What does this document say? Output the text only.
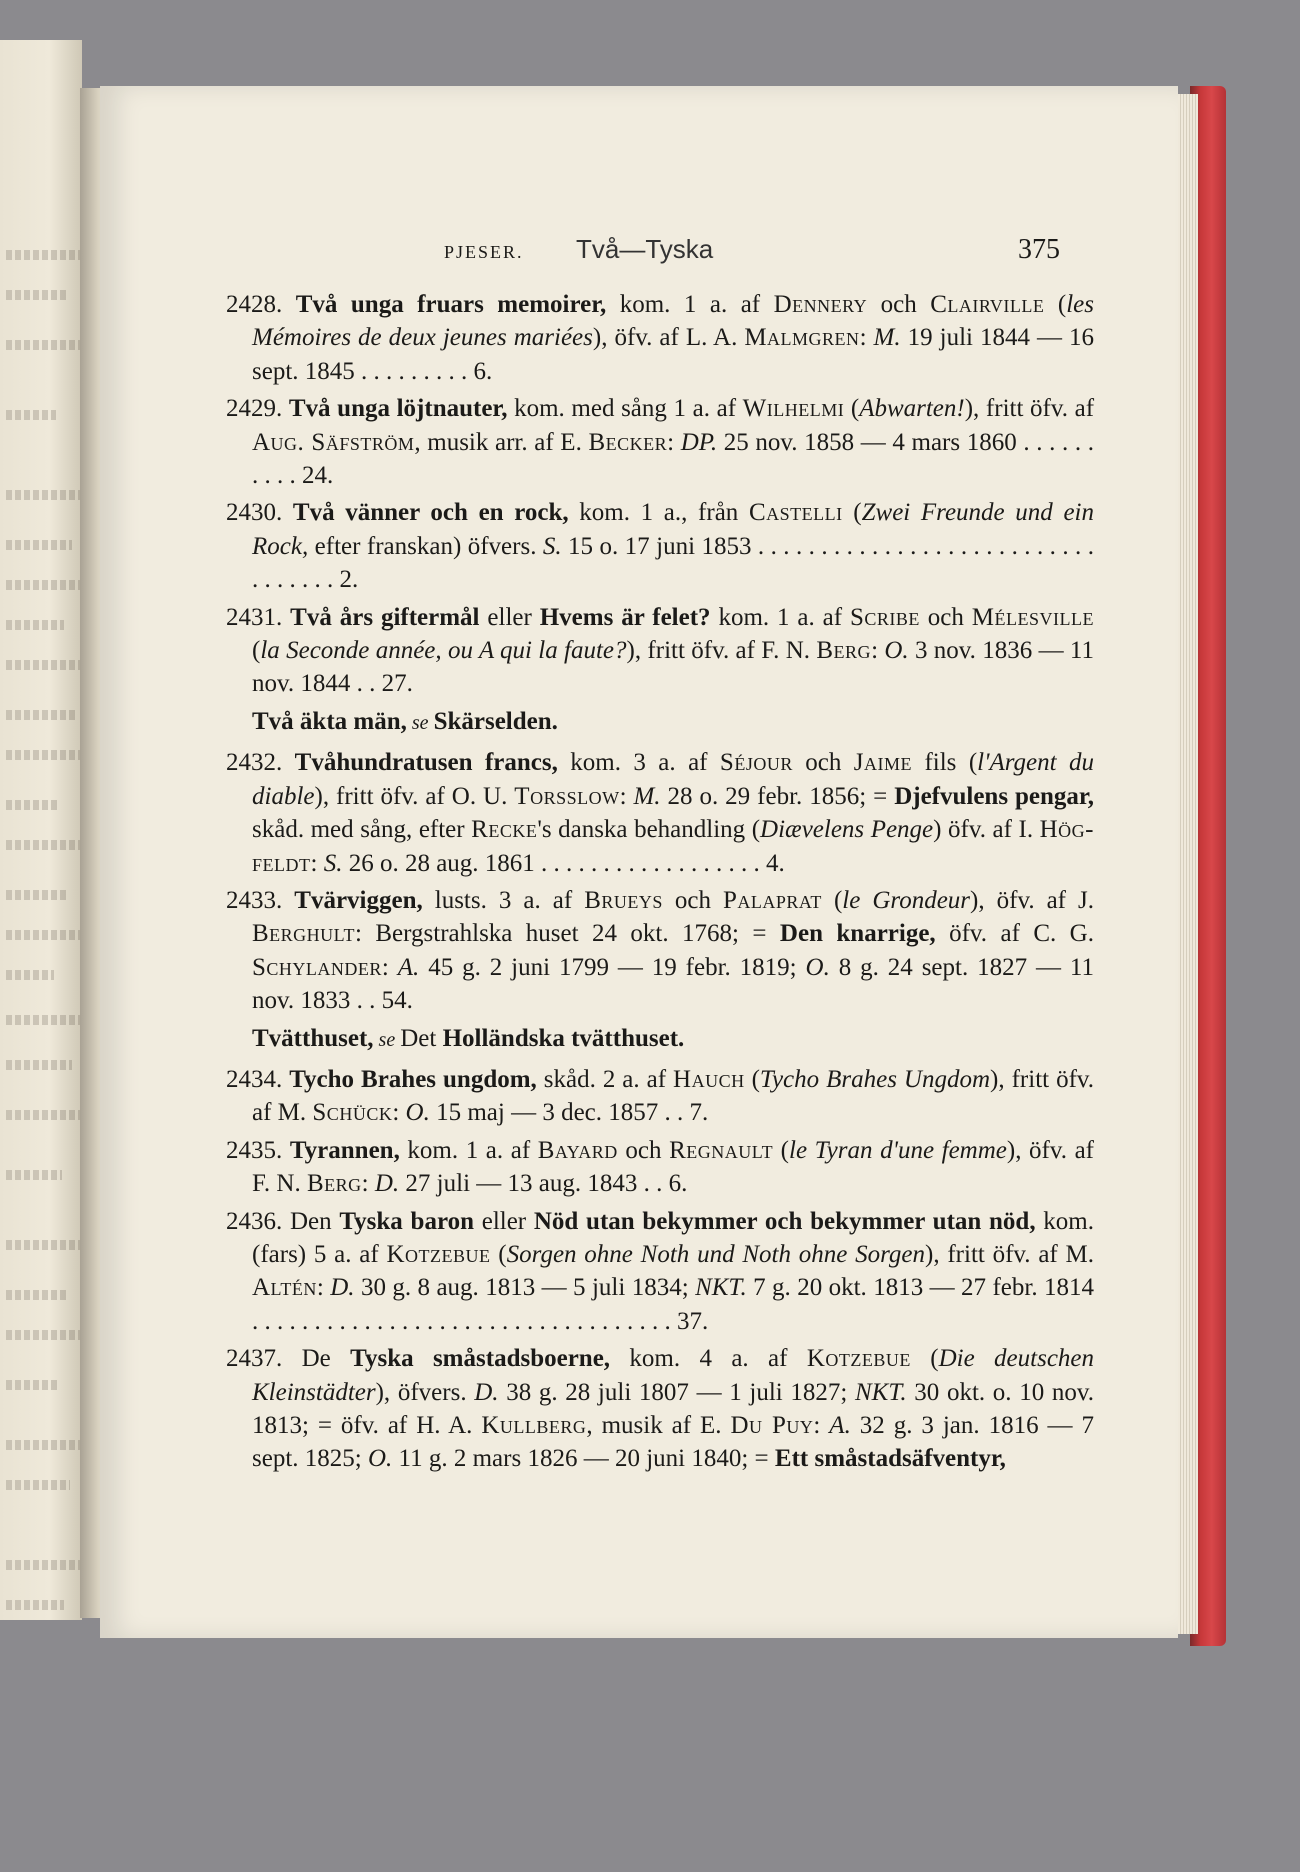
PJESER. Två—Tyska	375
2428. Två unga fruars memoirer, kom. 1 a. af Dennery och Clairville (les Mémoires de deux jeunes mariées), öfv. af L. A. Malmgren: M. 19 juli 1844 — 16 sept. 1845 . . . . . . . . . 6.
2429. Två unga löjtnauter, kom. med sång 1 a. af Wilhelmi (Abwarten!), fritt öfv. af Aug. Säfström, musik arr. af E. Becker: DP. 25 nov. 1858 — 4 mars 1860 . . . . . . . . . . 24.
2430. Två vänner och en rock, kom. 1 a., från Castelli (Zwei Freunde und ein Rock, efter franskan) öfvers. S. 15 o. 17 juni 1853 . . . . . . . . . . . . . . . . . . . . . . . . . . . . . . . . . . 2.
2431. Två års giftermål eller Hvems är felet? kom. 1 a. af Scribe och Mélesville (la Seconde année, ou A qui la faute?), fritt öfv. af F. N. Berg: O. 3 nov. 1836 — 11 nov. 1844 . . 27.
Två äkta män, se Skärselden.
2432. Tvåhundratusen francs, kom. 3 a. af Séjour och Jaime fils (l'Argent du diable), fritt öfv. af O. U. Torsslow: M. 28 o. 29 febr. 1856; = Djefvulens pengar, skåd. med sång, efter Recke's danska behandling (Diævelens Penge) öfv. af I. Hög-feldt: S. 26 o. 28 aug. 1861 . . . . . . . . . . . . . . . . . . 4.
2433. Tvärviggen, lusts. 3 a. af Brueys och Palaprat (le Grondeur), öfv. af J. Berghult: Bergstrahlska huset 24 okt. 1768; = Den knarrige, öfv. af C. G. Schylander: A. 45 g. 2 juni 1799 — 19 febr. 1819; O. 8 g. 24 sept. 1827 — 11 nov. 1833 . . 54.
Tvätthuset, se Det Holländska tvätthuset.
2434. Tycho Brahes ungdom, skåd. 2 a. af Hauch (Tycho Brahes Ungdom), fritt öfv. af M. Schück: O. 15 maj — 3 dec. 1857 . . 7.
2435. Tyrannen, kom. 1 a. af Bayard och Regnault (le Tyran d'une femme), öfv. af F. N. Berg: D. 27 juli — 13 aug. 1843 . . 6.
2436. Den Tyska baron eller Nöd utan bekymmer och bekymmer utan nöd, kom. (fars) 5 a. af Kotzebue (Sorgen ohne Noth und Noth ohne Sorgen), fritt öfv. af M. Altén: D. 30 g. 8 aug. 1813 — 5 juli 1834; NKT. 7 g. 20 okt. 1813 — 27 febr. 1814 . . . . . . . . . . . . . . . . . . . . . . . . . . . . . . . . . . 37.
2437. De Tyska småstadsboerne, kom. 4 a. af Kotzebue (Die deutschen Kleinstädter), öfvers. D. 38 g. 28 juli 1807 — 1 juli 1827; NKT. 30 okt. o. 10 nov. 1813; = öfv. af H. A. Kullberg, musik af E. Du Puy: A. 32 g. 3 jan. 1816 — 7 sept. 1825; O. 11 g. 2 mars 1826 — 20 juni 1840; = Ett småstadsäfventyr,
